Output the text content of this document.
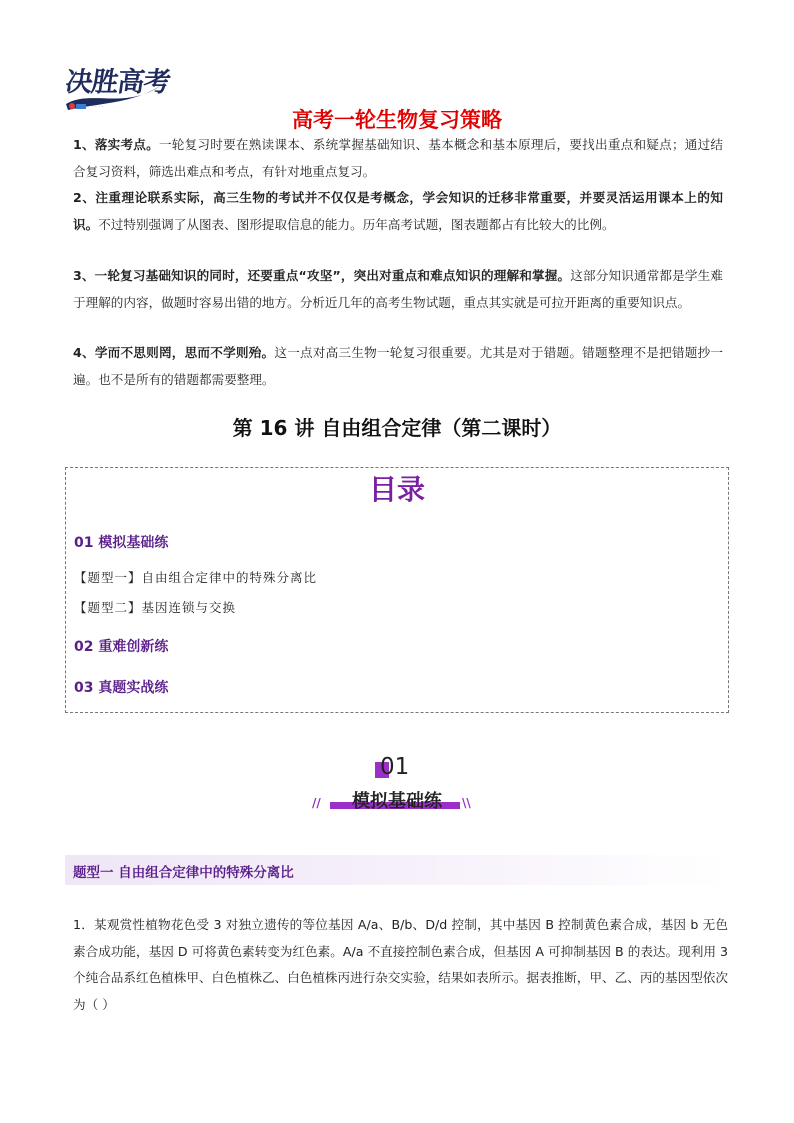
· · · ·
决胜高考
高考一轮生物复习策略
1、落实考点。一轮复习时要在熟读课本、系统掌握基础知识、基本概念和基本原理后，要找出重点和疑点；通过结合复习资料，筛选出难点和考点，有针对地重点复习。
2、注重理论联系实际，高三生物的考试并不仅仅是考概念，学会知识的迁移非常重要，并要灵活运用课本上的知识。不过特别强调了从图表、图形提取信息的能力。历年高考试题，图表题都占有比较大的比例。
3、一轮复习基础知识的同时，还要重点“攻坚”，突出对重点和难点知识的理解和掌握。这部分知识通常都是学生难于理解的内容，做题时容易出错的地方。分析近几年的高考生物试题，重点其实就是可拉开距离的重要知识点。
4、学而不思则罔，思而不学则殆。这一点对高三生物一轮复习很重要。尤其是对于错题。错题整理不是把错题抄一遍。也不是所有的错题都需要整理。
第 16 讲 自由组合定律（第二课时）
目录
01 模拟基础练
【题型一】自由组合定律中的特殊分离比
【题型二】基因连锁与交换
02 重难创新练
03 真题实战练
01
模拟基础练
//	\\
题型一 自由组合定律中的特殊分离比
1．某观赏性植物花色受 3 对独立遗传的等位基因 A/a、B/b、D/d 控制，其中基因 B 控制黄色素合成，基因 b 无色素合成功能，基因 D 可将黄色素转变为红色素。A/a 不直接控制色素合成，但基因 A 可抑制基因 B 的表达。现利用 3 个纯合品系红色植株甲、白色植株乙、白色植株丙进行杂交实验，结果如表所示。据表推断，甲、乙、丙的基因型依次为（ ）
